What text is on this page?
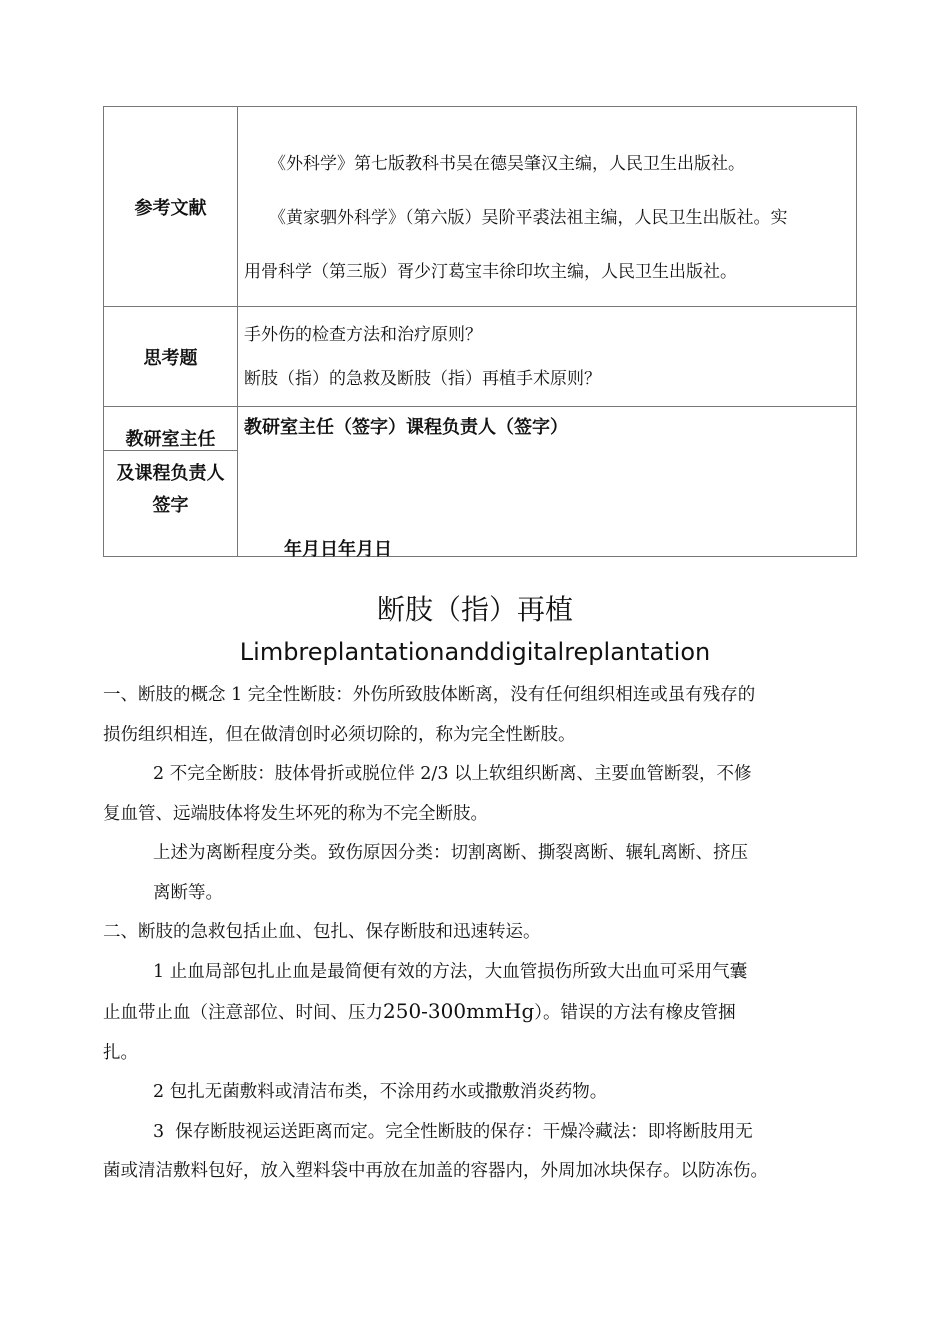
参考文献

《外科学》第七版教科书吴在德吴肇汉主编，人民卫生出版社。

《黄家驷外科学》（第六版）吴阶平裘法祖主编，人民卫生出版社。实

用骨科学（第三版）胥少汀葛宝丰徐印坎主编，人民卫生出版社。

思考题

手外伤的检查方法和治疗原则？

断肢（指）的急救及断肢（指）再植手术原则？

教研室主任
及课程负责人
签字
教研室主任（签字）课程负责人（签字）
年月日年月日
断肢（指）再植
Limbreplantationanddigitalreplantation

一、断肢的概念 1 完全性断肢：外伤所致肢体断离，没有任何组织相连或虽有残存的

损伤组织相连，但在做清创时必须切除的，称为完全性断肢。

2 不完全断肢：肢体骨折或脱位伴 2/3 以上软组织断离、主要血管断裂，不修

复血管、远端肢体将发生坏死的称为不完全断肢。

上述为离断程度分类。致伤原因分类：切割离断、撕裂离断、辗轧离断、挤压

离断等。

二、断肢的急救包括止血、包扎、保存断肢和迅速转运。

1 止血局部包扎止血是最简便有效的方法，大血管损伤所致大出血可采用气囊

止血带止血（注意部位、时间、压力250-300mmHg）。错误的方法有橡皮管捆

扎。

2 包扎无菌敷料或清洁布类，不涂用药水或撒敷消炎药物。

3 保存断肢视运送距离而定。完全性断肢的保存：干燥冷藏法：即将断肢用无

菌或清洁敷料包好，放入塑料袋中再放在加盖的容器内，外周加冰块保存。以防冻伤。
